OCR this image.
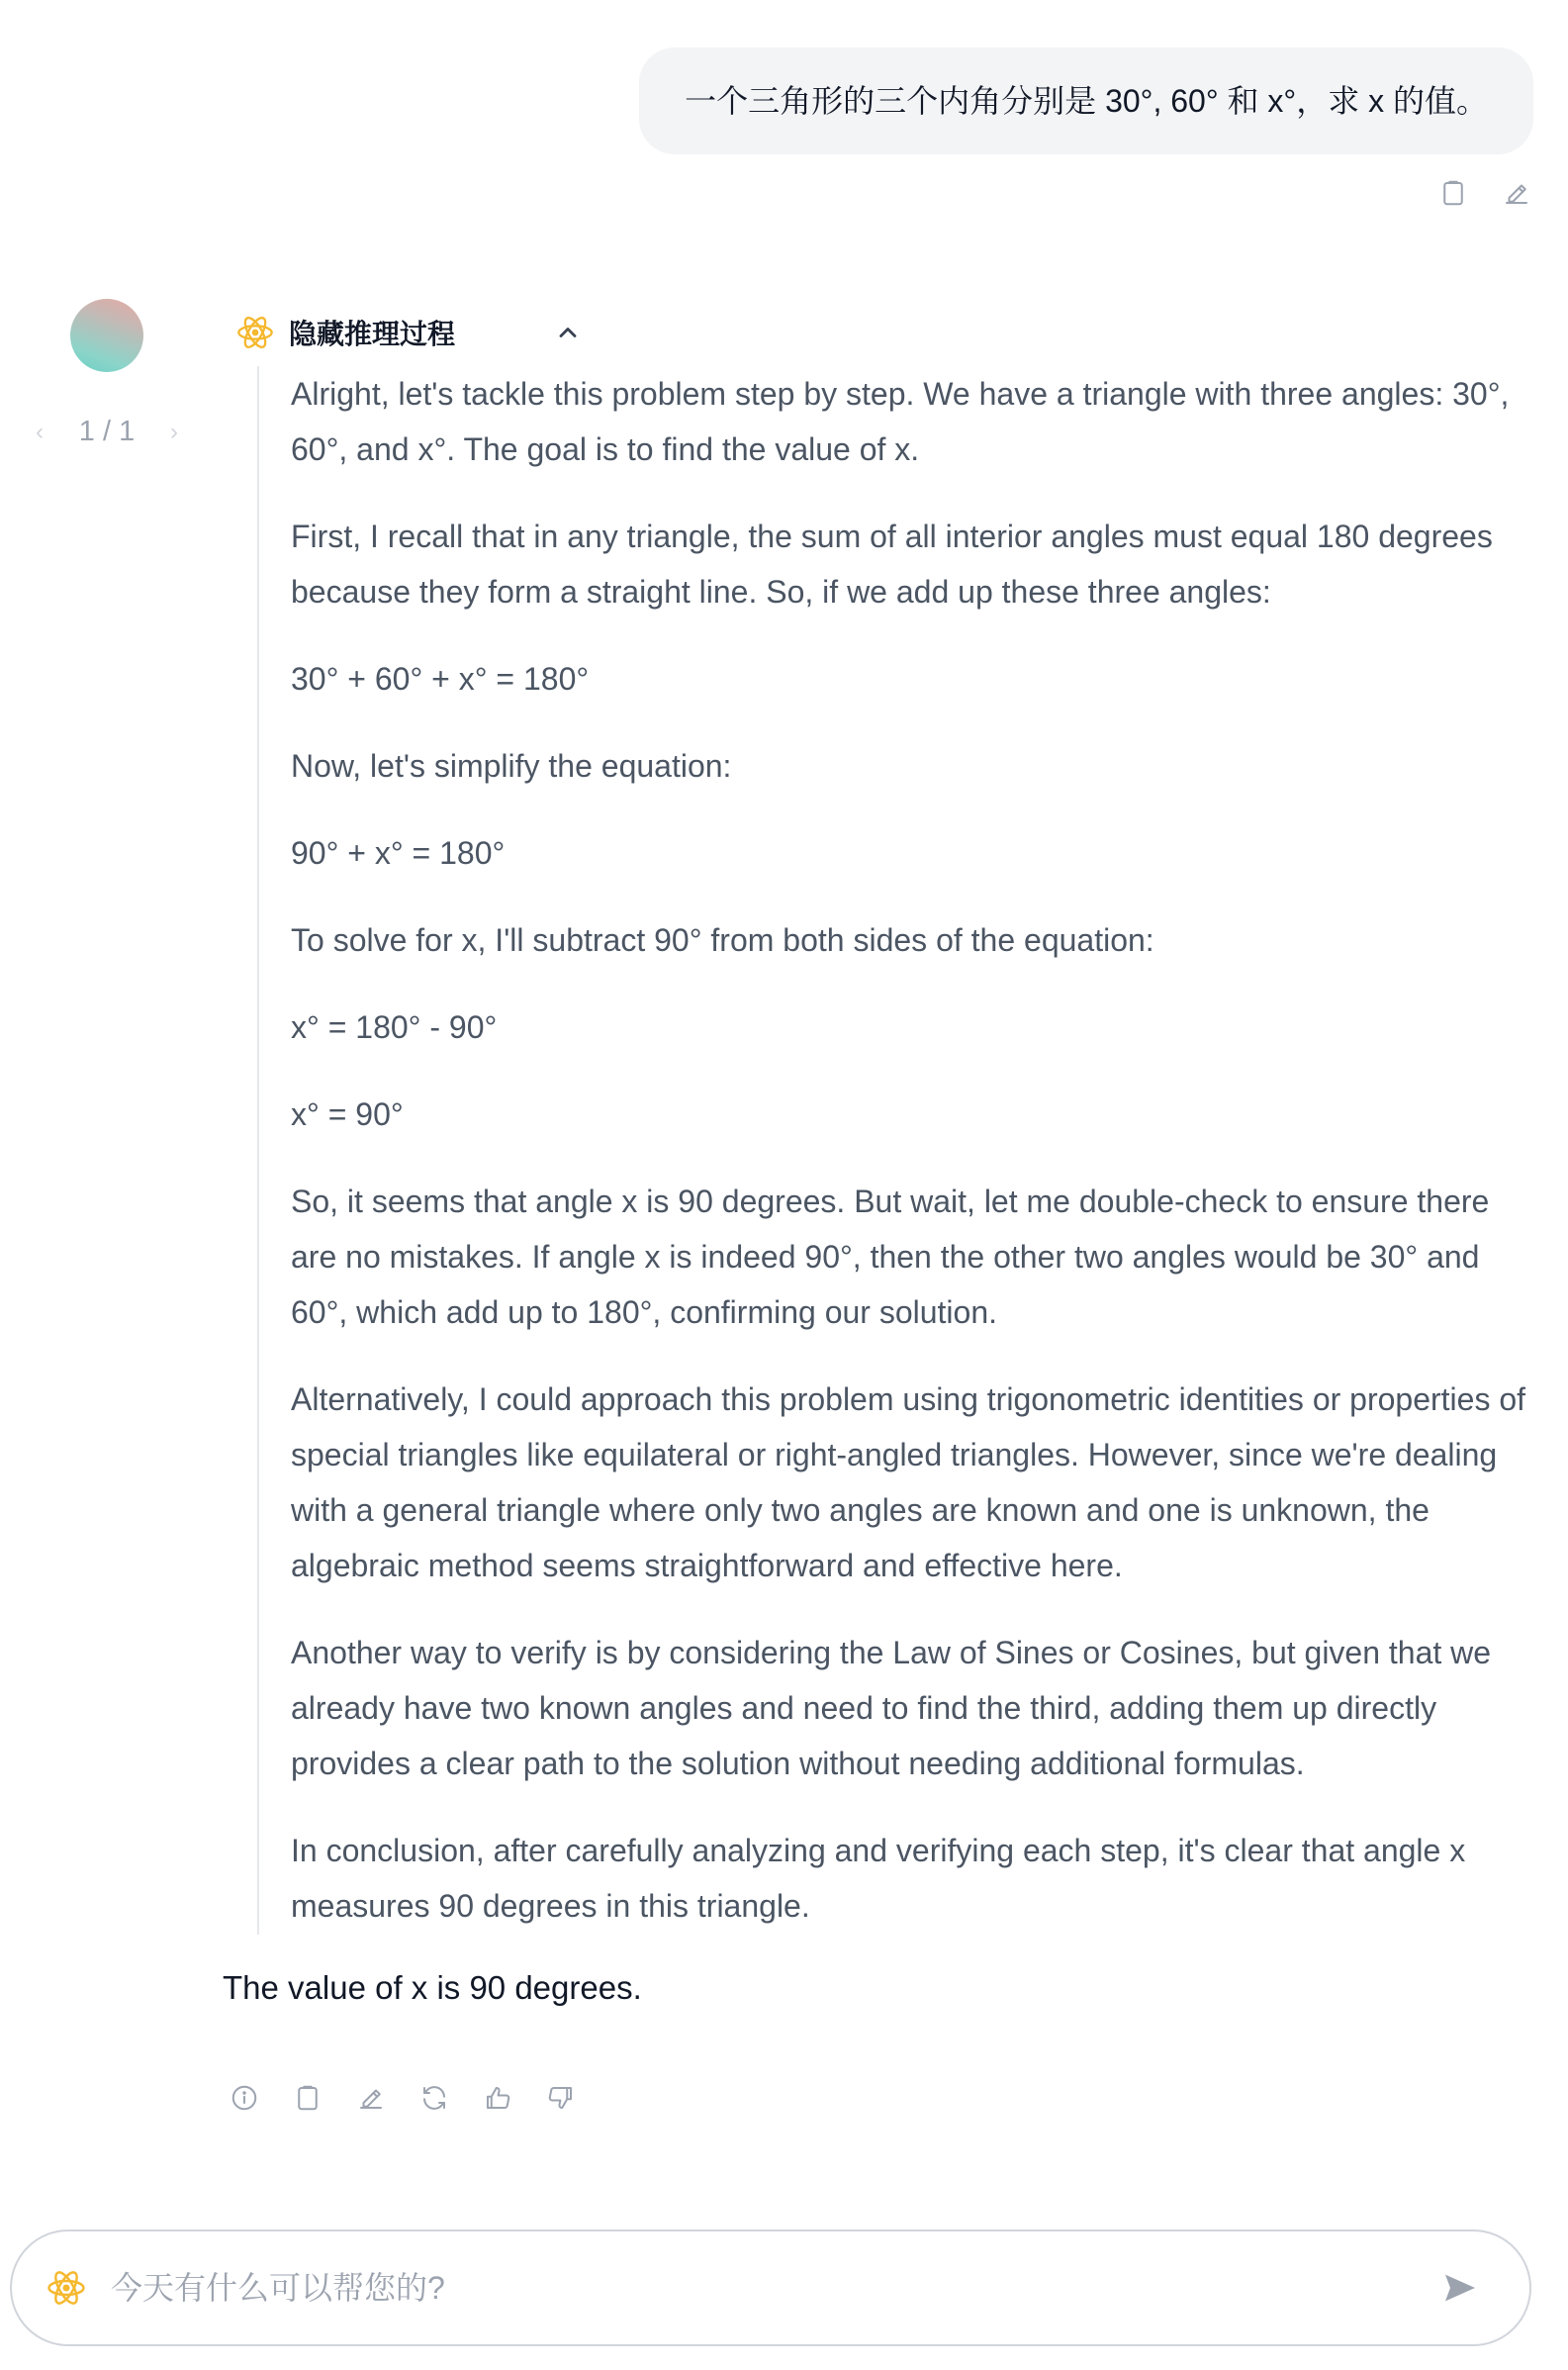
一个三角形的三个内角分别是 30°, 60° 和 x°，求 x 的值。
‹ 1 / 1 ›
隐藏推理过程

Alright, let's tackle this problem step by step. We have a triangle with three angles: 30°, 60°, and x°. The goal is to find the value of x.

First, I recall that in any triangle, the sum of all interior angles must equal 180 degrees because they form a straight line. So, if we add up these three angles:

30° + 60° + x° = 180°

Now, let's simplify the equation:

90° + x° = 180°

To solve for x, I'll subtract 90° from both sides of the equation:

x° = 180° - 90°

x° = 90°

So, it seems that angle x is 90 degrees. But wait, let me double-check to ensure there are no mistakes. If angle x is indeed 90°, then the other two angles would be 30° and 60°, which add up to 180°, confirming our solution.

Alternatively, I could approach this problem using trigonometric identities or properties of special triangles like equilateral or right-angled triangles. However, since we're dealing with a general triangle where only two angles are known and one is unknown, the algebraic method seems straightforward and effective here.

Another way to verify is by considering the Law of Sines or Cosines, but given that we already have two known angles and need to find the third, adding them up directly provides a clear path to the solution without needing additional formulas.

In conclusion, after carefully analyzing and verifying each step, it's clear that angle x measures 90 degrees in this triangle.

The value of x is 90 degrees.
今天有什么可以帮您的?
